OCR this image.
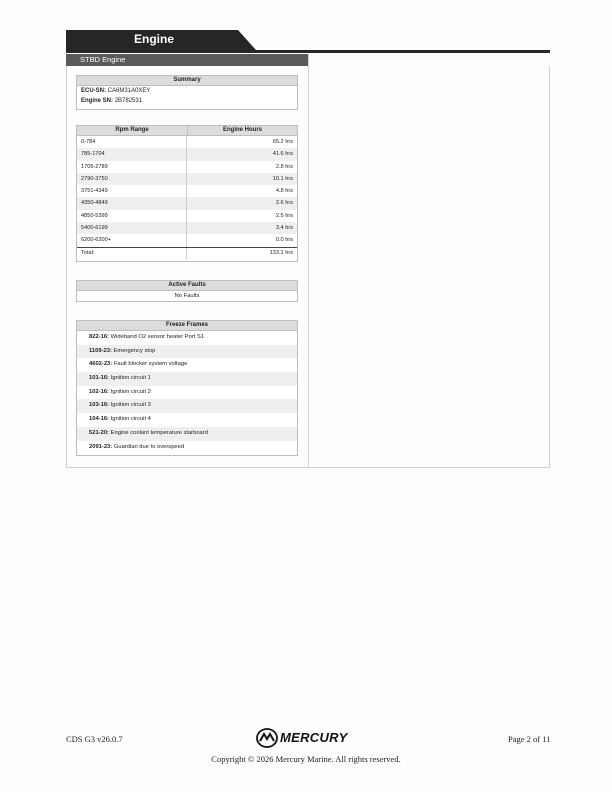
Engine
STBD Engine
Summary
ECU-SN: CA6M31A0XEY
Engine SN: 2B782531
Rpm Range	Engine Hours
0-784	65.2 hrs
785-1704	41.6 hrs
1705-2789	2.8 hrs
2790-3750	10.1 hrs
3751-4349	4.8 hrs
4350-4849	2.6 hrs
4850-5399	2.5 hrs
5400-6199	3.4 hrs
6200-6200+	0.0 hrs
Total:	133.1 hrs
Active Faults
No Faults
Freeze Frames
822-16: Wideband O2 sensor heater Port S1
1109-23: Emergency stop
4602-23: Fault blocker system voltage
101-16: Ignition circuit 1
102-16: Ignition circuit 2
103-16: Ignition circuit 3
104-16: Ignition circuit 4
521-20: Engine coolant temperature starboard
2091-23: Guardian due to overspeed
CDS G3 v26.0.7	MERCURY	Page 2 of 11
Copyright © 2026 Mercury Marine. All rights reserved.
